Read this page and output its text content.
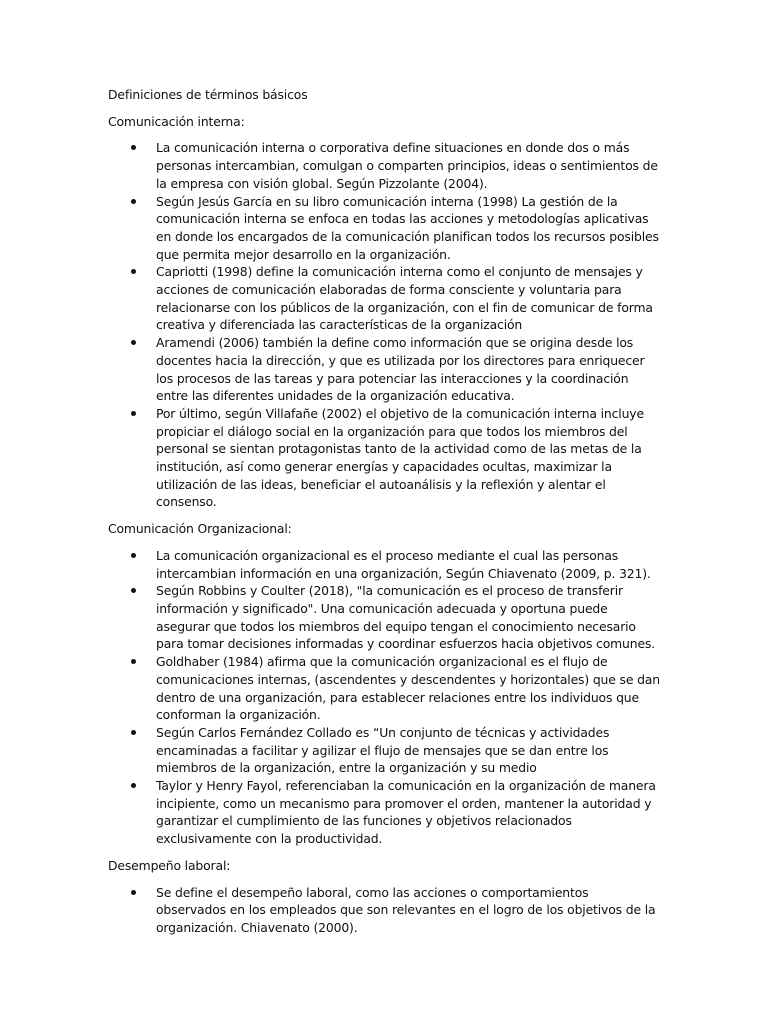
Definiciones de términos básicos

Comunicación interna:

La comunicación interna o corporativa define situaciones en donde dos o más personas intercambian, comulgan o comparten principios, ideas o sentimientos de la empresa con visión global. Según Pizzolante (2004).
Según Jesús García en su libro comunicación interna (1998) La gestión de la comunicación interna se enfoca en todas las acciones y metodologías aplicativas en donde los encargados de la comunicación planifican todos los recursos posibles que permita mejor desarrollo en la organización.
Capriotti (1998) define la comunicación interna como el conjunto de mensajes y acciones de comunicación elaboradas de forma consciente y voluntaria para relacionarse con los públicos de la organización, con el fin de comunicar de forma creativa y diferenciada las características de la organización
Aramendi (2006) también la define como información que se origina desde los docentes hacia la dirección, y que es utilizada por los directores para enriquecer los procesos de las tareas y para potenciar las interacciones y la coordinación entre las diferentes unidades de la organización educativa.
Por último, según Villafañe (2002) el objetivo de la comunicación interna incluye propiciar el diálogo social en la organización para que todos los miembros del personal se sientan protagonistas tanto de la actividad como de las metas de la institución, así como generar energías y capacidades ocultas, maximizar la utilización de las ideas, beneficiar el autoanálisis y la reflexión y alentar el consenso.

Comunicación Organizacional:

La comunicación organizacional es el proceso mediante el cual las personas intercambian información en una organización, Según Chiavenato (2009, p. 321).
Según Robbins y Coulter (2018), "la comunicación es el proceso de transferir información y significado". Una comunicación adecuada y oportuna puede asegurar que todos los miembros del equipo tengan el conocimiento necesario para tomar decisiones informadas y coordinar esfuerzos hacia objetivos comunes.
Goldhaber (1984) afirma que la comunicación organizacional es el flujo de comunicaciones internas, (ascendentes y descendentes y horizontales) que se dan dentro de una organización, para establecer relaciones entre los individuos que conforman la organización.
Según Carlos Fernández Collado es “Un conjunto de técnicas y actividades encaminadas a facilitar y agilizar el flujo de mensajes que se dan entre los miembros de la organización, entre la organización y su medio
Taylor y Henry Fayol, referenciaban la comunicación en la organización de manera incipiente, como un mecanismo para promover el orden, mantener la autoridad y garantizar el cumplimiento de las funciones y objetivos relacionados exclusivamente con la productividad.

Desempeño laboral:

Se define el desempeño laboral, como las acciones o comportamientos observados en los empleados que son relevantes en el logro de los objetivos de la organización. Chiavenato (2000).
